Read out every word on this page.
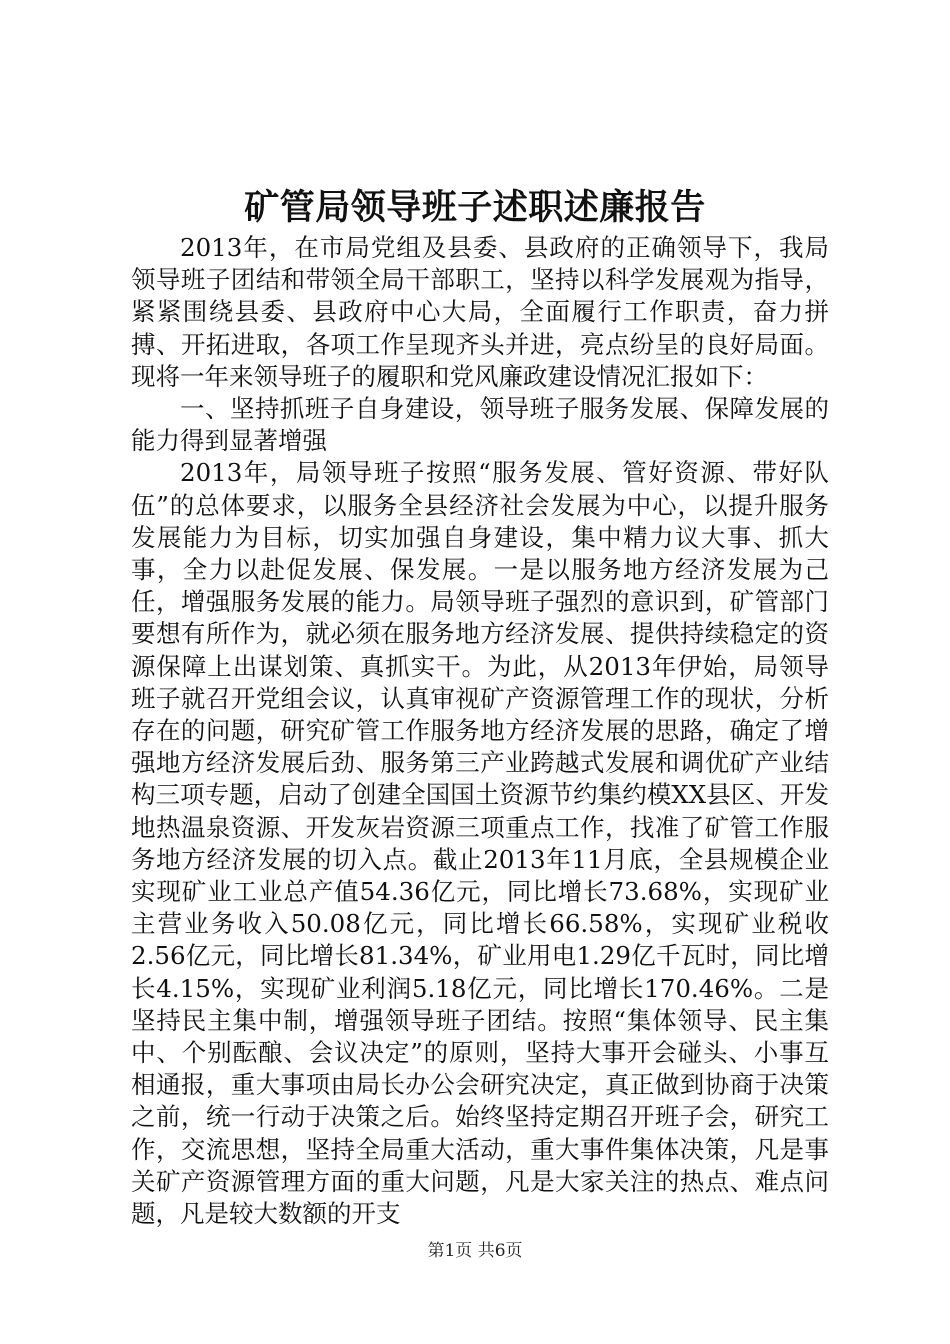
矿管局领导班子述职述廉报告

2013年，在市局党组及县委、县政府的正确领导下，我局领导班子团结和带领全局干部职工，坚持以科学发展观为指导，紧紧围绕县委、县政府中心大局，全面履行工作职责，奋力拼搏、开拓进取，各项工作呈现齐头并进，亮点纷呈的良好局面。现将一年来领导班子的履职和党风廉政建设情况汇报如下：

一、坚持抓班子自身建设，领导班子服务发展、保障发展的能力得到显著增强

2013年，局领导班子按照“服务发展、管好资源、带好队伍”的总体要求，以服务全县经济社会发展为中心，以提升服务发展能力为目标，切实加强自身建设，集中精力议大事、抓大事，全力以赴促发展、保发展。一是以服务地方经济发展为己任，增强服务发展的能力。局领导班子强烈的意识到，矿管部门要想有所作为，就必须在服务地方经济发展、提供持续稳定的资源保障上出谋划策、真抓实干。为此，从2013年伊始，局领导班子就召开党组会议，认真审视矿产资源管理工作的现状，分析存在的问题，研究矿管工作服务地方经济发展的思路，确定了增强地方经济发展后劲、服务第三产业跨越式发展和调优矿产业结构三项专题，启动了创建全国国土资源节约集约模XX县区、开发地热温泉资源、开发灰岩资源三项重点工作，找准了矿管工作服务地方经济发展的切入点。截止2013年11月底，全县规模企业实现矿业工业总产值54.36亿元，同比增长73.68%，实现矿业主营业务收入50.08亿元，同比增长66.58%，实现矿业税收2.56亿元，同比增长81.34%，矿业用电1.29亿千瓦时，同比增长4.15%，实现矿业利润5.18亿元，同比增长170.46%。二是坚持民主集中制，增强领导班子团结。按照“集体领导、民主集中、个别酝酿、会议决定”的原则，坚持大事开会碰头、小事互相通报，重大事项由局长办公会研究决定，真正做到协商于决策之前，统一行动于决策之后。始终坚持定期召开班子会，研究工作，交流思想，坚持全局重大活动，重大事件集体决策，凡是事关矿产资源管理方面的重大问题，凡是大家关注的热点、难点问题，凡是较大数额的开支

第1页 共6页
